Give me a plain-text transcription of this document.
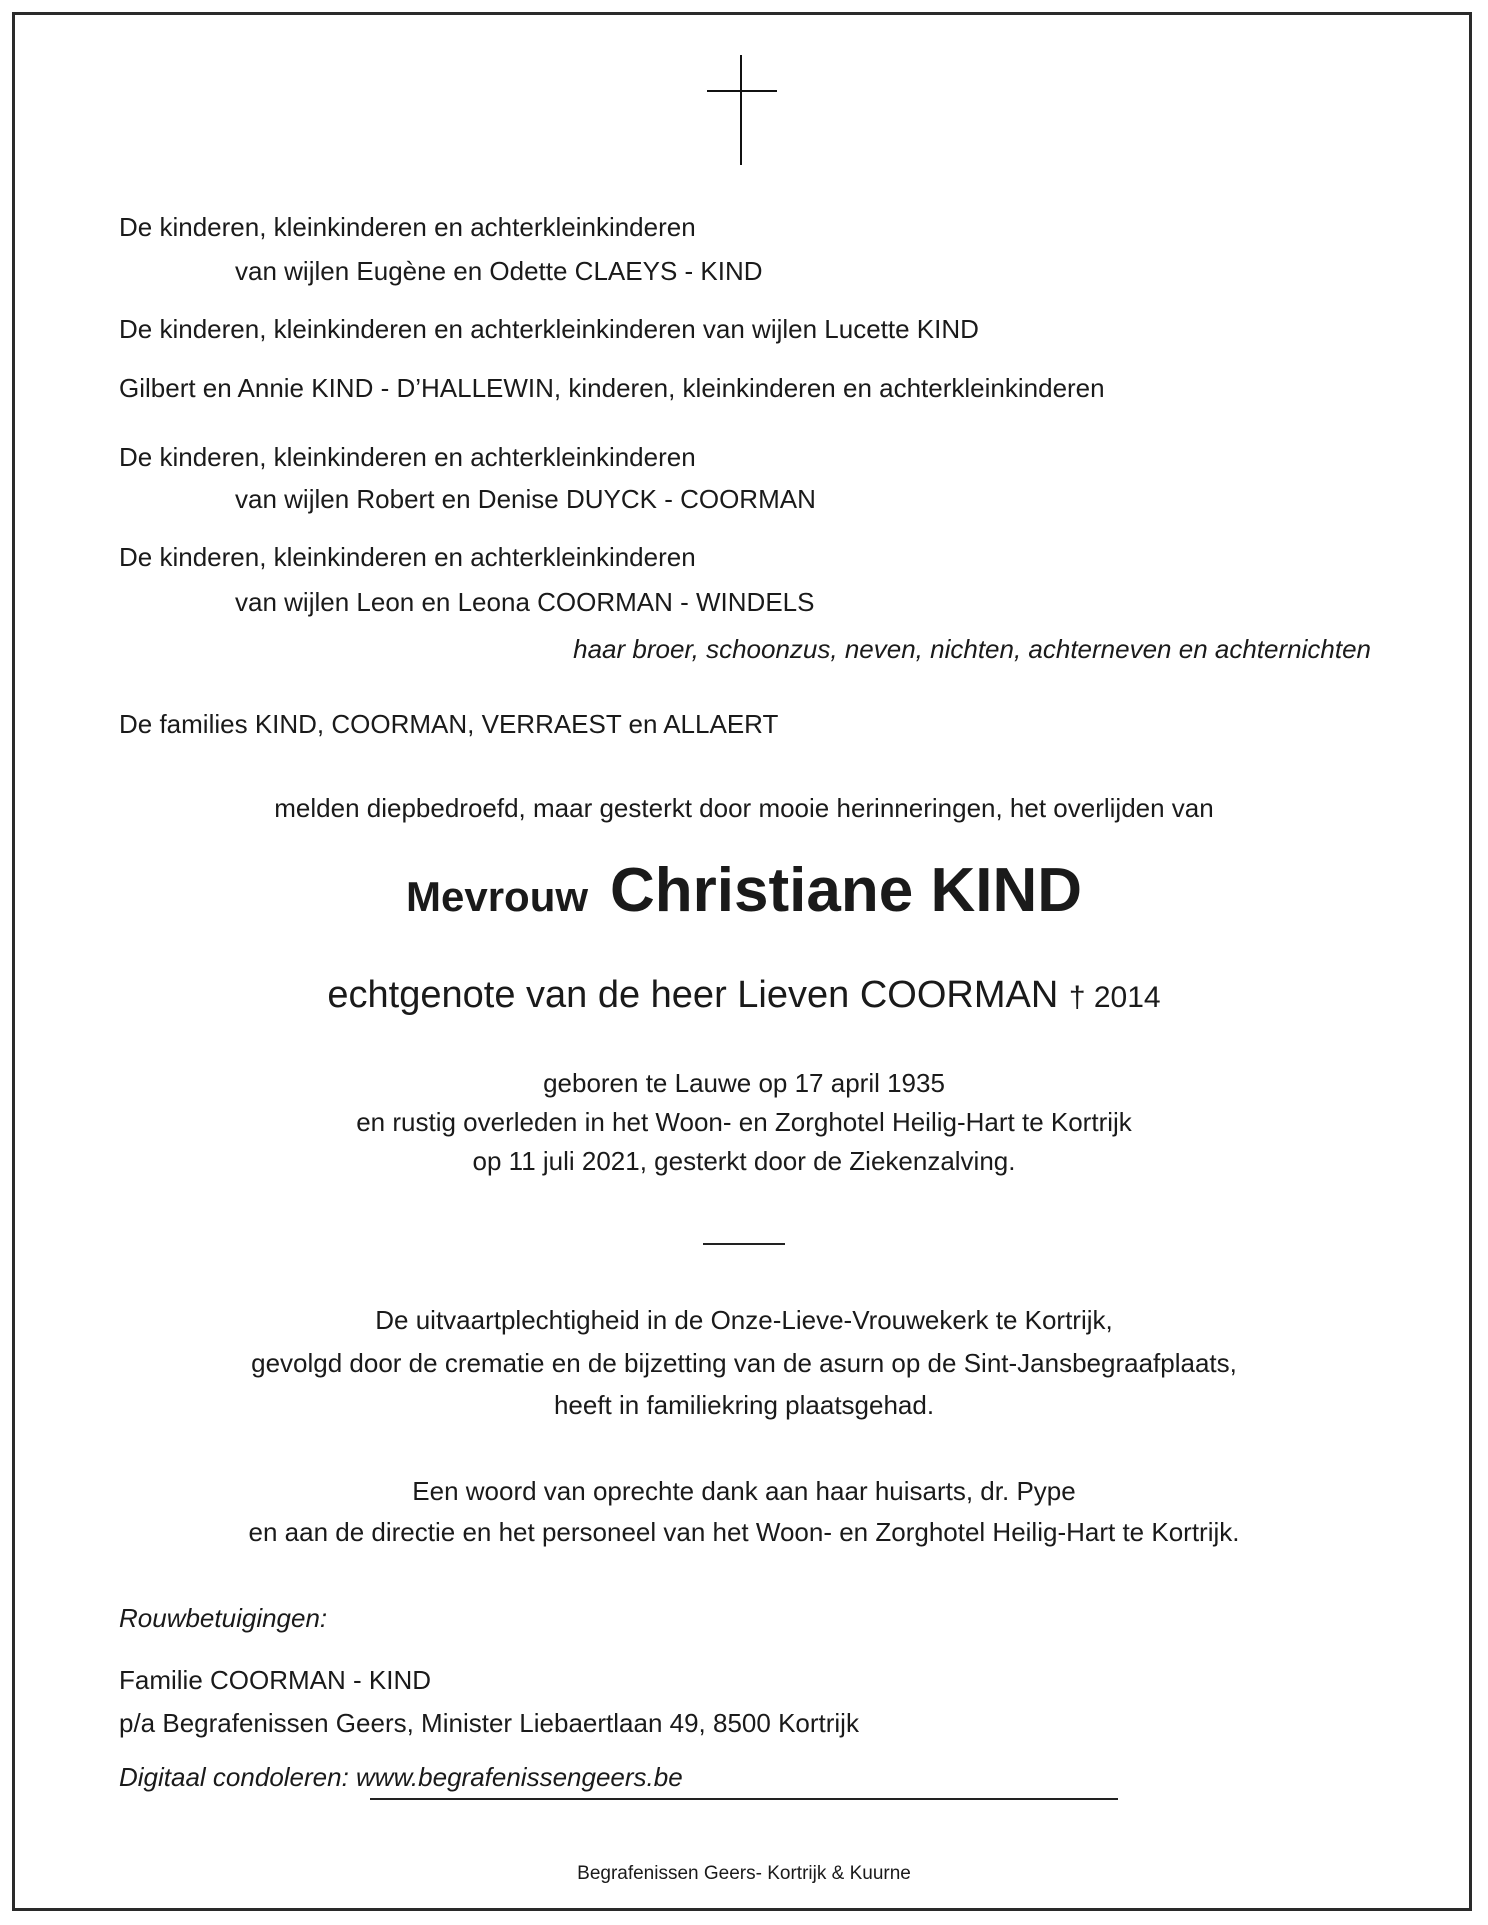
De kinderen, kleinkinderen en achterkleinkinderen
van wijlen Eugène en Odette CLAEYS - KIND
De kinderen, kleinkinderen en achterkleinkinderen van wijlen Lucette KIND
Gilbert en Annie KIND - D’HALLEWIN, kinderen, kleinkinderen en achterkleinkinderen
De kinderen, kleinkinderen en achterkleinkinderen
van wijlen Robert en Denise DUYCK - COORMAN
De kinderen, kleinkinderen en achterkleinkinderen
van wijlen Leon en Leona COORMAN - WINDELS
haar broer, schoonzus, neven, nichten, achterneven en achternichten
De families KIND, COORMAN, VERRAEST en ALLAERT
melden diepbedroefd, maar gesterkt door mooie herinneringen, het overlijden van
Mevrouw Christiane KIND
echtgenote van de heer Lieven COORMAN † 2014
geboren te Lauwe op 17 april 1935
en rustig overleden in het Woon- en Zorghotel Heilig-Hart te Kortrijk
op 11 juli 2021, gesterkt door de Ziekenzalving.
De uitvaartplechtigheid in de Onze-Lieve-Vrouwekerk te Kortrijk,
gevolgd door de crematie en de bijzetting van de asurn op de Sint-Jansbegraafplaats,
heeft in familiekring plaatsgehad.
Een woord van oprechte dank aan haar huisarts, dr. Pype
en aan de directie en het personeel van het Woon- en Zorghotel Heilig-Hart te Kortrijk.
Rouwbetuigingen:
Familie COORMAN - KIND
p/a Begrafenissen Geers, Minister Liebaertlaan 49, 8500 Kortrijk
Digitaal condoleren: www.begrafenissengeers.be
Begrafenissen Geers- Kortrijk & Kuurne
